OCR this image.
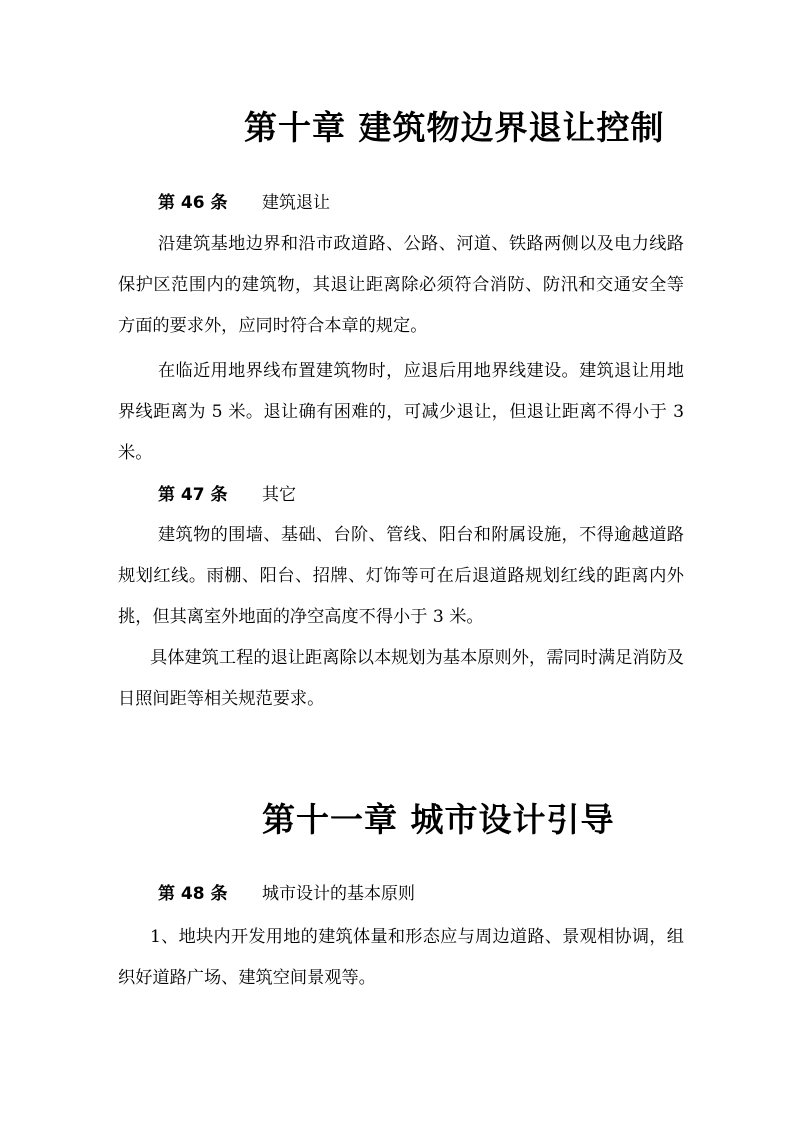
第十章 建筑物边界退让控制
第 46 条 建筑退让

沿建筑基地边界和沿市政道路、公路、河道、铁路两侧以及电力线路保护区范围内的建筑物，其退让距离除必须符合消防、防汛和交通安全等方面的要求外，应同时符合本章的规定。

在临近用地界线布置建筑物时，应退后用地界线建设。建筑退让用地界线距离为 5 米。退让确有困难的，可减少退让，但退让距离不得小于 3 米。

第 47 条 其它

建筑物的围墙、基础、台阶、管线、阳台和附属设施，不得逾越道路规划红线。雨棚、阳台、招牌、灯饰等可在后退道路规划红线的距离内外挑，但其离室外地面的净空高度不得小于 3 米。

具体建筑工程的退让距离除以本规划为基本原则外，需同时满足消防及日照间距等相关规范要求。

第十一章 城市设计引导
第 48 条 城市设计的基本原则

1、地块内开发用地的建筑体量和形态应与周边道路、景观相协调，组织好道路广场、建筑空间景观等。
